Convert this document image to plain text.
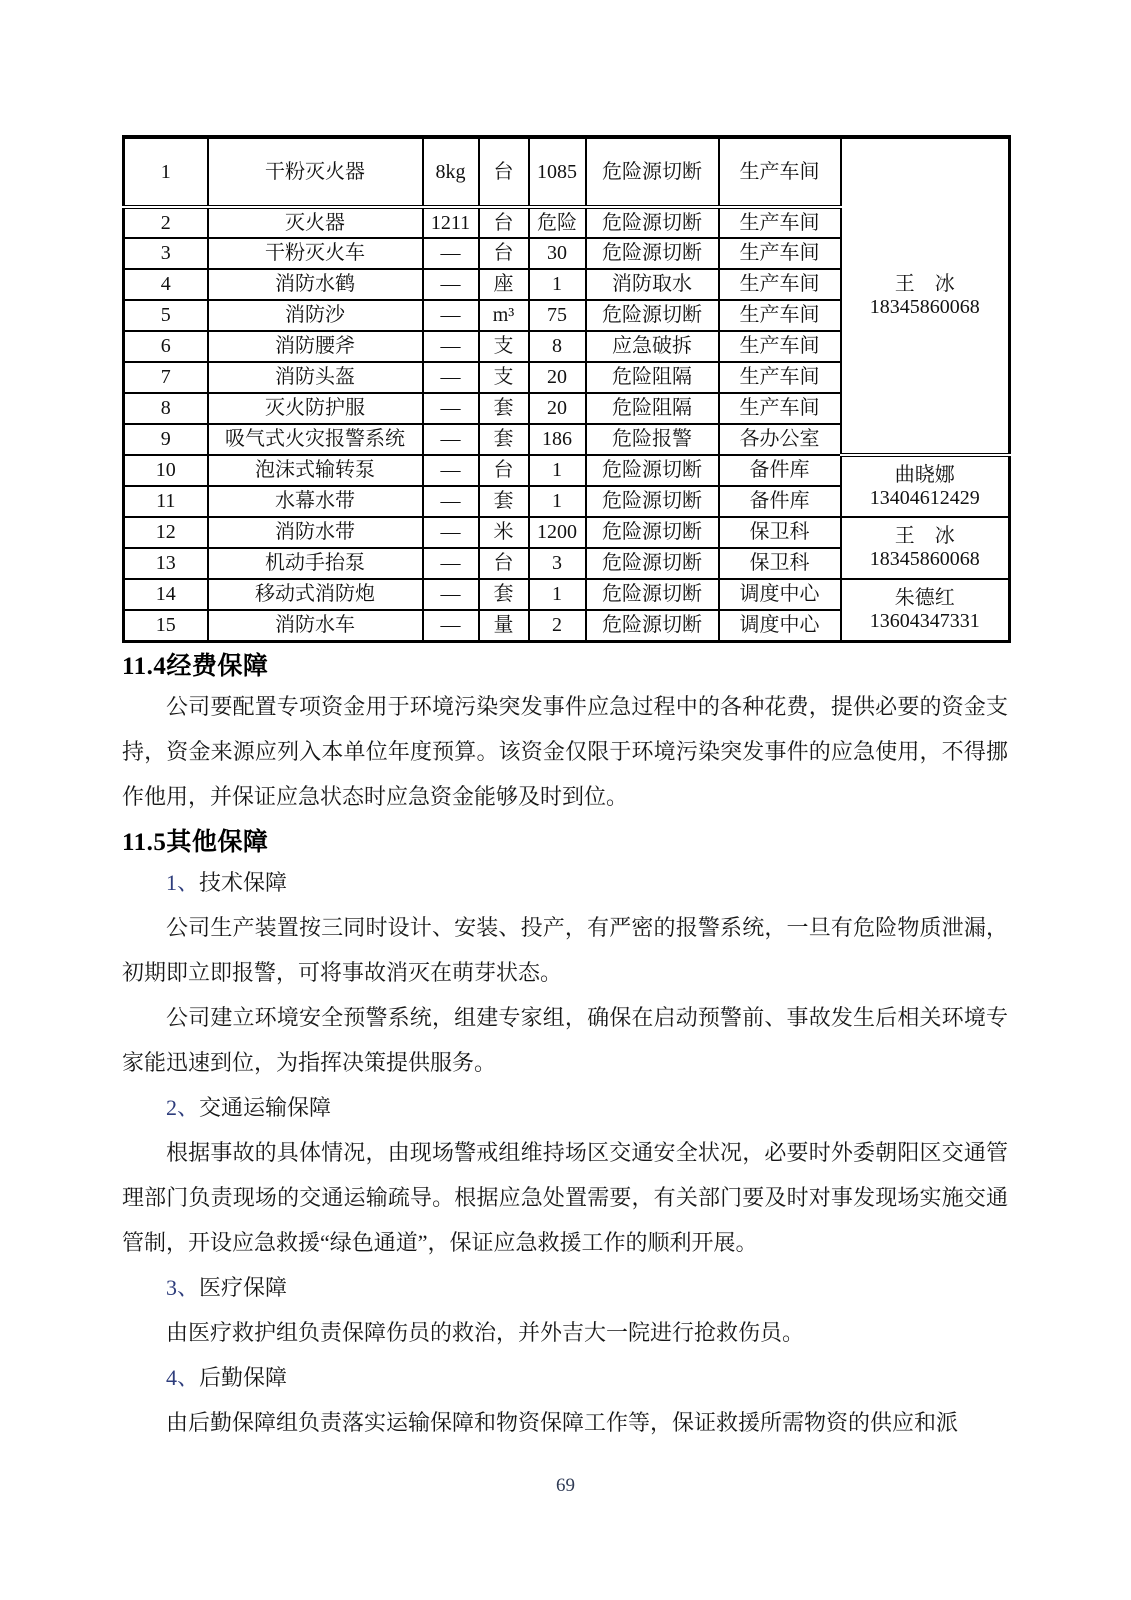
1	干粉灭火器	8kg	台	1085	危险源切断	生产车间	王　冰
18345860068

2	灭火器	1211	台	危险	危险源切断	生产车间	
3	干粉灭火车	—	台	30	危险源切断	生产车间	
4	消防水鹤	—	座	1	消防取水	生产车间	
5	消防沙	—	m³	75	危险源切断	生产车间	
6	消防腰斧	—	支	8	应急破拆	生产车间	
7	消防头盔	—	支	20	危险阻隔	生产车间	
8	灭火防护服	—	套	20	危险阻隔	生产车间	
9	吸气式火灾报警系统	—	套	186	危险报警	各办公室	
10	泡沫式输转泵	—	台	1	危险源切断	备件库	曲晓娜
13404612429

11	水幕水带	—	套	1	危险源切断	备件库	
12	消防水带	—	米	1200	危险源切断	保卫科	王　冰
18345860068

13	机动手抬泵	—	台	3	危险源切断	保卫科	
14	移动式消防炮	—	套	1	危险源切断	调度中心	朱德红
13604347331

15	消防水车	—	量	2	危险源切断	调度中心	
11.4经费保障

公司要配置专项资金用于环境污染突发事件应急过程中的各种花费，提供必要的资金支持，资金来源应列入本单位年度预算。该资金仅限于环境污染突发事件的应急使用，不得挪作他用，并保证应急状态时应急资金能够及时到位。

11.5其他保障

1、技术保障

公司生产装置按三同时设计、安装、投产，有严密的报警系统，一旦有危险物质泄漏，初期即立即报警，可将事故消灭在萌芽状态。

公司建立环境安全预警系统，组建专家组，确保在启动预警前、事故发生后相关环境专家能迅速到位，为指挥决策提供服务。

2、交通运输保障

根据事故的具体情况，由现场警戒组维持场区交通安全状况，必要时外委朝阳区交通管理部门负责现场的交通运输疏导。根据应急处置需要，有关部门要及时对事发现场实施交通管制，开设应急救援“绿色通道”，保证应急救援工作的顺利开展。

3、医疗保障

由医疗救护组负责保障伤员的救治，并外吉大一院进行抢救伤员。

4、后勤保障

由后勤保障组负责落实运输保障和物资保障工作等，保证救援所需物资的供应和派

69
